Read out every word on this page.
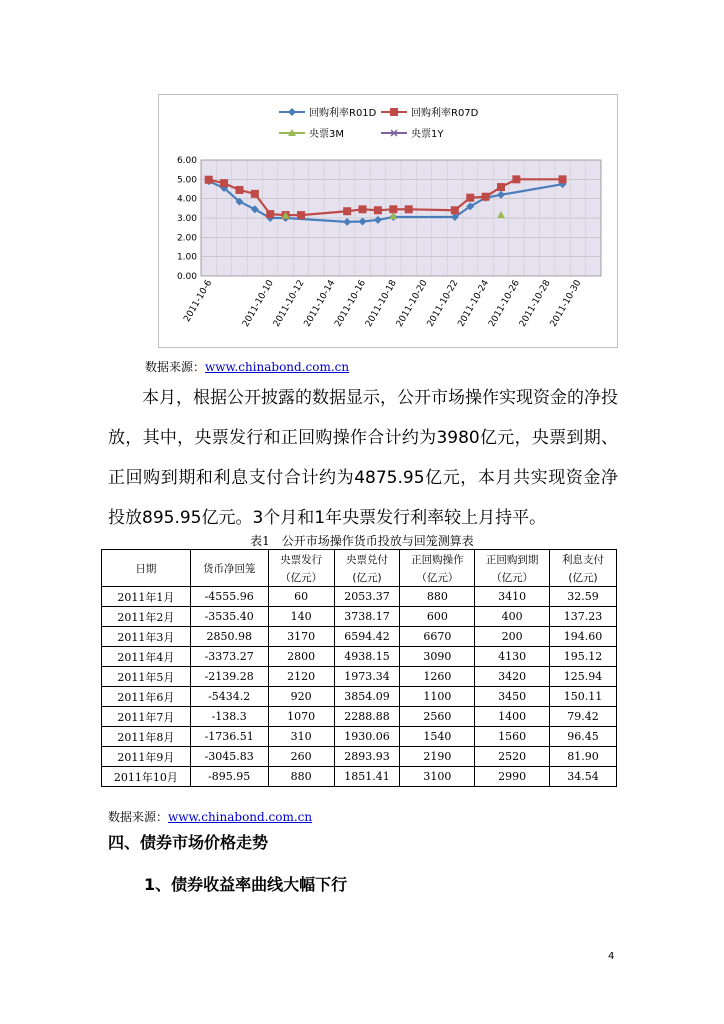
6.00
5.00
4.00
3.00
2.00
1.00
0.00
2011-10-6	2011-10-10
2011-10-12
2011-10-14
2011-10-16
2011-10-18
2011-10-20
2011-10-22
2011-10-24
2011-10-26
2011-10-28
2011-10-30
回购利率R01D	回购利率R07D
央票3M	央票1Y
数据来源：www.chinabond.com.cn
本月，根据公开披露的数据显示，公开市场操作实现资金的净投放，其中，央票发行和正回购操作合计约为3980亿元，央票到期、正回购到期和利息支付合计约为4875.95亿元，本月共实现资金净投放895.95亿元。3个月和1年央票发行利率较上月持平。
表1　公开市场操作货币投放与回笼测算表
日期	货币净回笼	央票发行	央票兑付	正回购操作	正回购到期	利息支付
		（亿元）	(亿元)	（亿元）	（亿元）	(亿元)
2011年1月	-4555.96	60	2053.37	880	3410	32.59
2011年2月	-3535.40	140	3738.17	600	400	137.23
2011年3月	2850.98	3170	6594.42	6670	200	194.60
2011年4月	-3373.27	2800	4938.15	3090	4130	195.12
2011年5月	-2139.28	2120	1973.34	1260	3420	125.94
2011年6月	-5434.2	920	3854.09	1100	3450	150.11
2011年7月	-138.3	1070	2288.88	2560	1400	79.42
2011年8月	-1736.51	310	1930.06	1540	1560	96.45
2011年9月	-3045.83	260	2893.93	2190	2520	81.90
2011年10月	-895.95	880	1851.41	3100	2990	34.54
数据来源：www.chinabond.com.cn
四、债券市场价格走势
1、债券收益率曲线大幅下行
4
